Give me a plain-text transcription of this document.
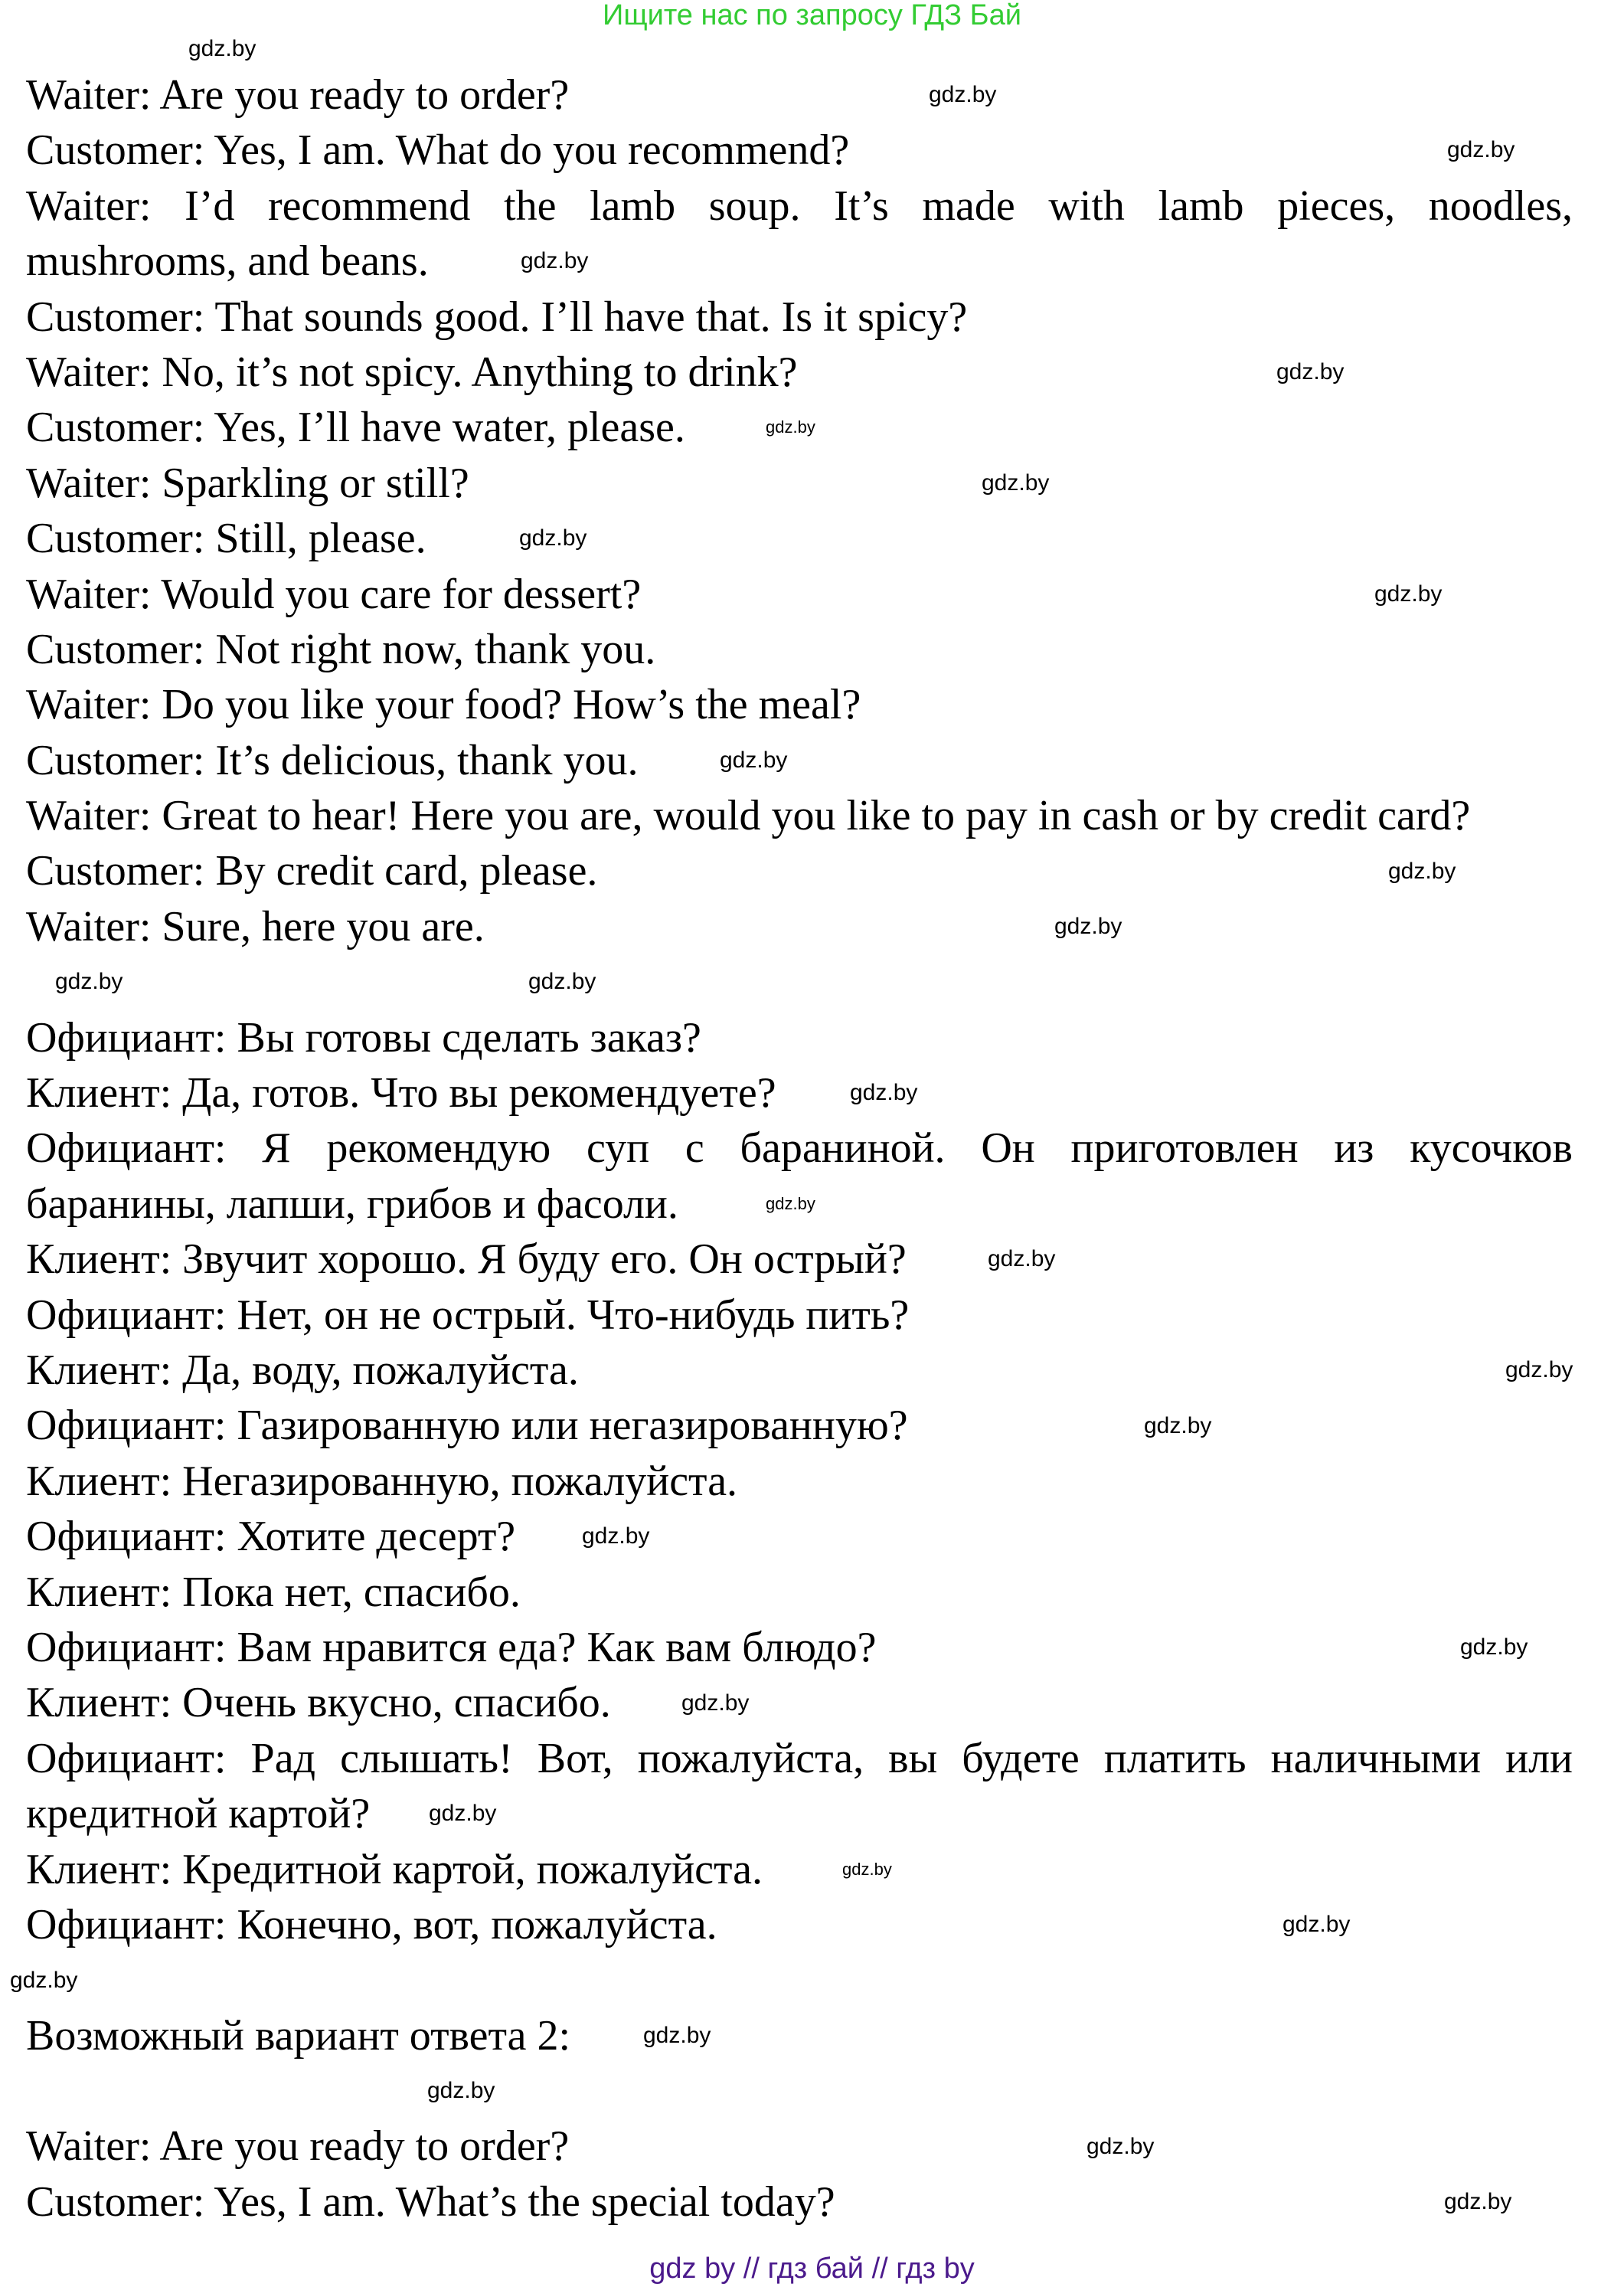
Ищите нас по запросу ГДЗ Бай
Waiter: Are you ready to order?
Customer: Yes, I am. What do you recommend?
Waiter: I’d recommend the lamb soup. It’s made with lamb pieces, noodles,
mushrooms, and beans.
Customer: That sounds good. I’ll have that. Is it spicy?
Waiter: No, it’s not spicy. Anything to drink?
Customer: Yes, I’ll have water, please.
Waiter: Sparkling or still?
Customer: Still, please.
Waiter: Would you care for dessert?
Customer: Not right now, thank you.
Waiter: Do you like your food? How’s the meal?
Customer: It’s delicious, thank you.
Waiter: Great to hear! Here you are, would you like to pay in cash or by credit card?
Customer: By credit card, please.
Waiter: Sure, here you are.
Официант: Вы готовы сделать заказ?
Клиент: Да, готов. Что вы рекомендуете?
Официант: Я рекомендую суп с бараниной. Он приготовлен из кусочков
баранины, лапши, грибов и фасоли.
Клиент: Звучит хорошо. Я буду его. Он острый?
Официант: Нет, он не острый. Что-нибудь пить?
Клиент: Да, воду, пожалуйста.
Официант: Газированную или негазированную?
Клиент: Негазированную, пожалуйста.
Официант: Хотите десерт?
Клиент: Пока нет, спасибо.
Официант: Вам нравится еда? Как вам блюдо?
Клиент: Очень вкусно, спасибо.
Официант: Рад слышать! Вот, пожалуйста, вы будете платить наличными или
кредитной картой?
Клиент: Кредитной картой, пожалуйста.
Официант: Конечно, вот, пожалуйста.
Возможный вариант ответа 2:
Waiter: Are you ready to order?
Customer: Yes, I am. What’s the special today?
gdz.by
gdz.by
gdz.by
gdz.by
gdz.by
gdz.by
gdz.by
gdz.by
gdz.by
gdz.by
gdz.by
gdz.by
gdz.by
gdz.by
gdz.by
gdz.by
gdz.by
gdz.by
gdz.by
gdz.by
gdz.by
gdz.by
gdz.by
gdz.by
gdz.by
gdz.by
gdz.by
gdz.by
gdz.by
gdz.by
gdz by // гдз бай // гдз by
